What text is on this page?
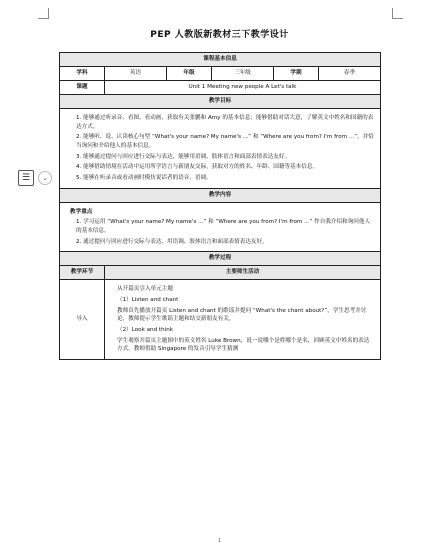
PEP 人教版新教材三下教学设计
☰	⌄
课程基本信息					
学科	英语	年级	三年级	学期	春季
课题	Unit 1 Meeting new people A Let's talk				
教学目标					

1. 能够通过听录音、看图、看动画，获取有关张鹏和 Amy 的基本信息；能够借助对话大意，了解英文中姓名和国籍的表达方式。

2. 能够听、说、认读核心句型 “What's your name? My name's ...” 和 “Where are you from? I'm from ...”，并恰当询问和介绍他人的基本信息。

3. 能够通过提问与回应进行交际与表达，能够用语调、肢体语言和面部表情表达友好。

4. 能够借助情境在活动中运用所学语言与新朋友交际，获取对方的姓名、年龄、国籍等基本信息。

5. 能够在听录音或看动画时模仿说话者的语音、语调。					

教学内容					

教学重点

1. 学习运用 “What's your name? My name's ...” 和 “Where are you from? I'm from ...” 作自我介绍和询问他人的基本信息。

2. 通过提问与回应进行交际与表达，用语调、肢体语言和面部表情表达友好。					

教学过程					
教学环节	主要师生活动				
导入	从开篇页引入单元主题

（1）Listen and chant

教师首先播放开篇页 Listen and chant 的歌谣并提问 “What's the chant about?”，学生思考并讨论，教师提示学生歌谣主题和结交新朋友有关。

（2）Look and think

学生观察开篇页主题图中的英文姓名 Luke Brown，说一说哪个是姓哪个是名，回顾英文中姓名的表达方式。教师借助 Singapore 的发音引导学生猜测				

1
